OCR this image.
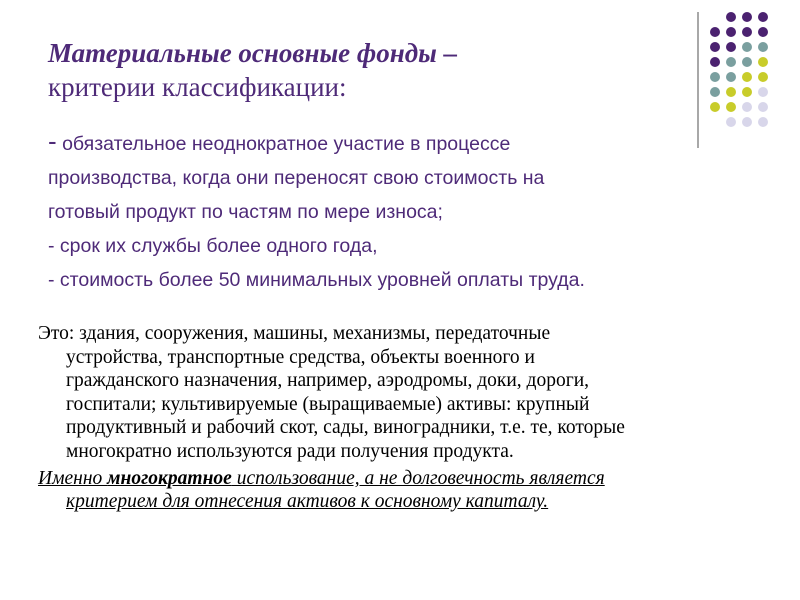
Материальные основные фонды –
критерии классификации:
- обязательное неоднократное участие в процессе
производства, когда они переносят свою стоимость на
готовый продукт по частям по мере износа;
- срок их службы более одного года,
- стоимость более 50 минимальных уровней оплаты труда.
Это: здания, сооружения, машины, механизмы, передаточные
устройства, транспортные средства, объекты военного и
гражданского назначения, например, аэродромы, доки, дороги,
госпитали; культивируемые (выращиваемые) активы: крупный
продуктивный и рабочий скот, сады, виноградники, т.е. те, которые
многократно используются ради получения продукта.
Именно многократное использование, а не долговечность является
критерием для отнесения активов к основному капиталу.
